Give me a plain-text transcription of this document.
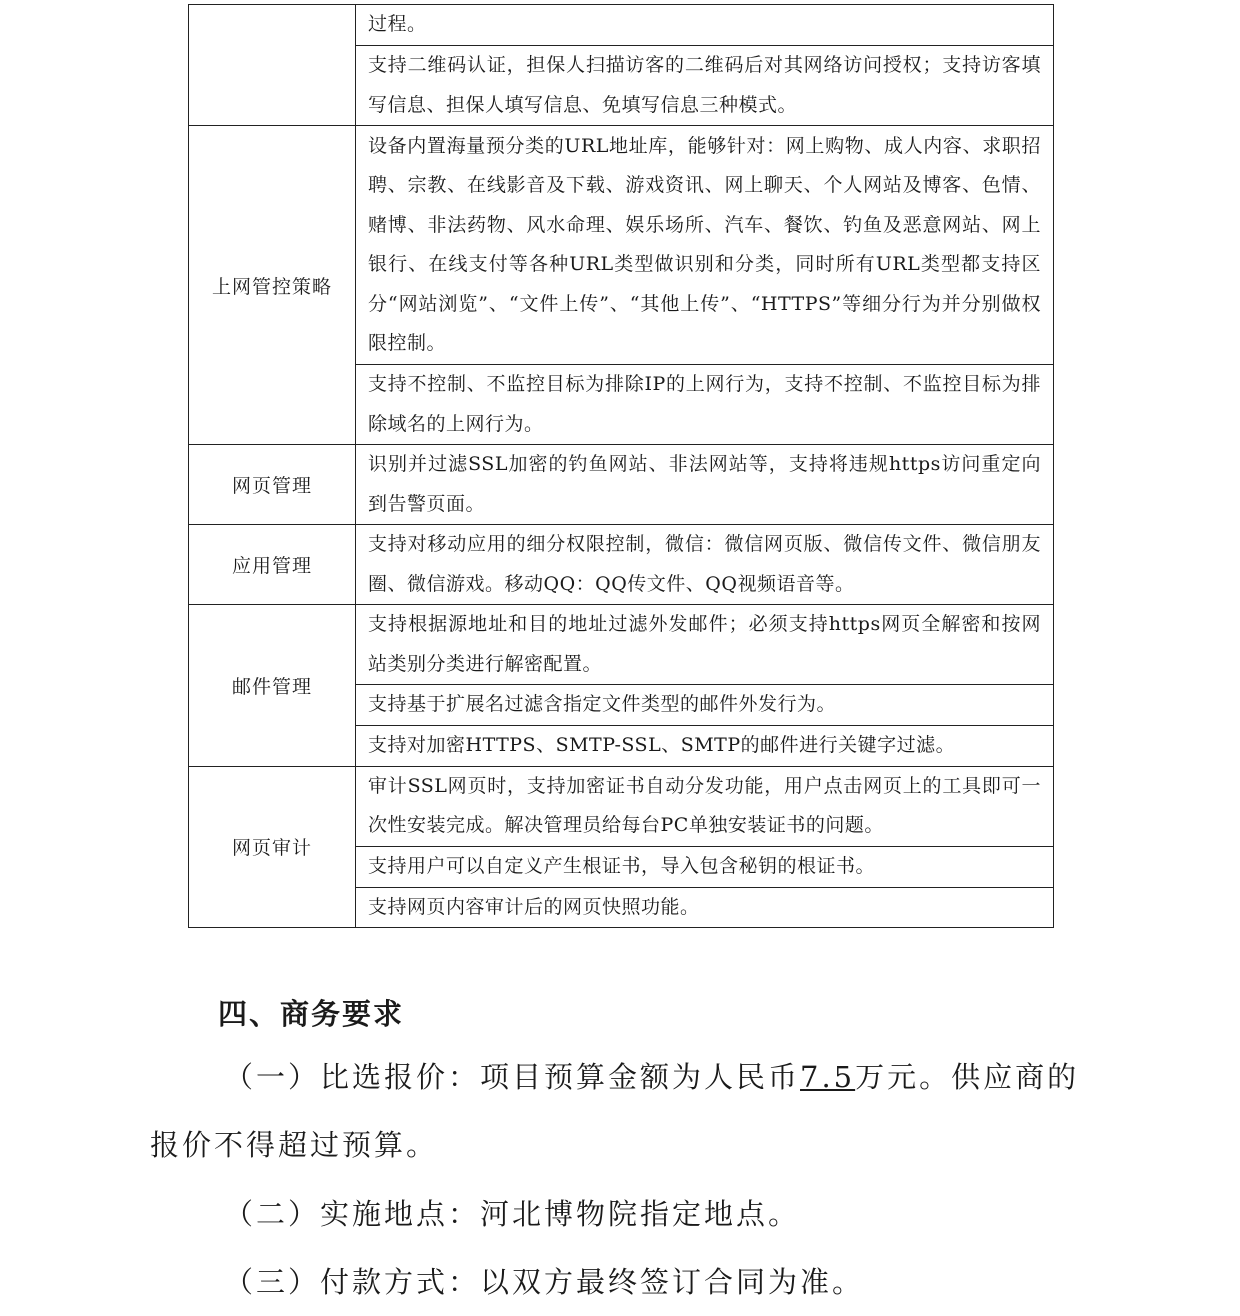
	过程。
	支持二维码认证，担保人扫描访客的二维码后对其网络访问授权；支持访客填写信息、担保人填写信息、免填写信息三种模式。
上网管控策略	设备内置海量预分类的URL地址库，能够针对：网上购物、成人内容、求职招聘、宗教、在线影音及下载、游戏资讯、网上聊天、个人网站及博客、色情、赌博、非法药物、风水命理、娱乐场所、汽车、餐饮、钓鱼及恶意网站、网上银行、在线支付等各种URL类型做识别和分类，同时所有URL类型都支持区分“网站浏览”、“文件上传”、“其他上传”、“HTTPS”等细分行为并分别做权限控制。
	支持不控制、不监控目标为排除IP的上网行为，支持不控制、不监控目标为排除域名的上网行为。
网页管理	识别并过滤SSL加密的钓鱼网站、非法网站等，支持将违规https访问重定向到告警页面。
应用管理	支持对移动应用的细分权限控制，微信：微信网页版、微信传文件、微信朋友圈、微信游戏。移动QQ：QQ传文件、QQ视频语音等。
邮件管理	支持根据源地址和目的地址过滤外发邮件；必须支持https网页全解密和按网站类别分类进行解密配置。
	支持基于扩展名过滤含指定文件类型的邮件外发行为。
	支持对加密HTTPS、SMTP-SSL、SMTP的邮件进行关键字过滤。
网页审计	审计SSL网页时，支持加密证书自动分发功能，用户点击网页上的工具即可一次性安装完成。解决管理员给每台PC单独安装证书的问题。
	支持用户可以自定义产生根证书，导入包含秘钥的根证书。
	支持网页内容审计后的网页快照功能。
四、商务要求

（一）比选报价：项目预算金额为人民币7.5万元。供应商的报价不得超过预算。

（二）实施地点：河北博物院指定地点。

（三）付款方式：以双方最终签订合同为准。
